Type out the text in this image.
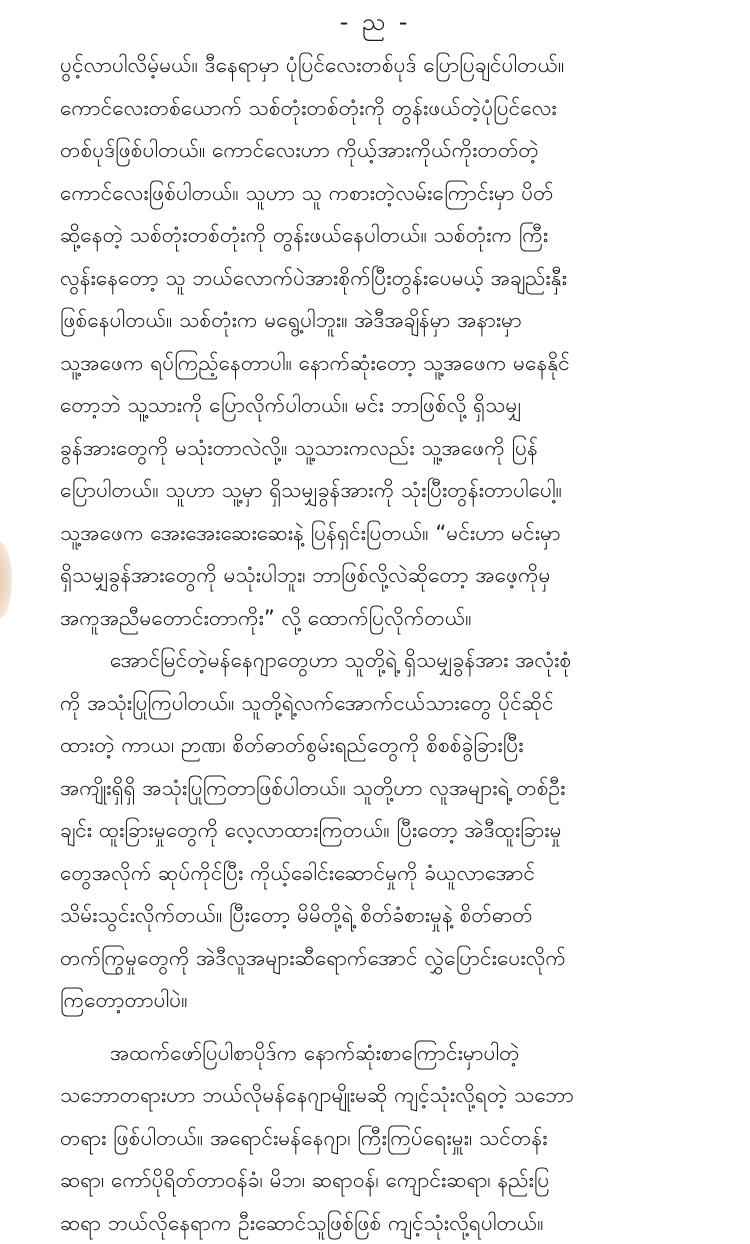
- ည -
ပွင့်လာပါလိမ့်မယ်။ ဒီနေရာမှာ ပုံပြင်လေးတစ်ပုဒ် ပြောပြချင်ပါတယ်။
ကောင်လေးတစ်ယောက် သစ်တုံးတစ်တုံးကို တွန်းဖယ်တဲ့ပုံပြင်လေး
တစ်ပုဒ်ဖြစ်ပါတယ်။ ကောင်လေးဟာ ကိုယ့်အားကိုယ်ကိုးတတ်တဲ့
ကောင်လေးဖြစ်ပါတယ်။ သူဟာ သူ ကစားတဲ့လမ်းကြောင်းမှာ ပိတ်
ဆို့နေတဲ့ သစ်တုံးတစ်တုံးကို တွန်းဖယ်နေပါတယ်။ သစ်တုံးက ကြီး
လွန်းနေတော့ သူ ဘယ်လောက်ပဲအားစိုက်ပြီးတွန်းပေမယ့် အချည်းနှီး
ဖြစ်နေပါတယ်။ သစ်တုံးက မရွေ့ပါဘူး။ အဲဒီအချိန်မှာ အနားမှာ
သူ့အဖေက ရပ်ကြည့်နေတာပါ။ နောက်ဆုံးတော့ သူ့အဖေက မနေနိုင်
တော့ဘဲ သူ့သားကို ပြောလိုက်ပါတယ်။ မင်း ဘာဖြစ်လို့ ရှိသမျှ
ခွန်အားတွေကို မသုံးတာလဲလို့။ သူ့သားကလည်း သူ့အဖေကို ပြန်
ပြောပါတယ်။ သူဟာ သူ့မှာ ရှိသမျှခွန်အားကို သုံးပြီးတွန်းတာပါပေါ့။
သူ့အဖေက အေးအေးဆေးဆေးနဲ့ ပြန်ရှင်းပြတယ်။ “မင်းဟာ မင်းမှာ
ရှိသမျှခွန်အားတွေကို မသုံးပါဘူး၊ ဘာဖြစ်လို့လဲဆိုတော့ အဖေ့ကိုမှ
အကူအညီမတောင်းတာကိုး” လို့ ထောက်ပြလိုက်တယ်။
အောင်မြင်တဲ့မန်နေဂျာတွေဟာ သူတို့ရဲ့ ရှိသမျှခွန်အား အလုံးစုံ
ကို အသုံးပြုကြပါတယ်။ သူတို့ရဲ့လက်အောက်ငယ်သားတွေ ပိုင်ဆိုင်
ထားတဲ့ ကာယ၊ ဉာဏ၊ စိတ်ဓာတ်စွမ်းရည်တွေကို စိစစ်ခွဲခြားပြီး
အကျိုးရှိရှိ အသုံးပြုကြတာဖြစ်ပါတယ်။ သူတို့ဟာ လူအများရဲ့ တစ်ဦး
ချင်း ထူးခြားမှုတွေကို လေ့လာထားကြတယ်။ ပြီးတော့ အဲဒီထူးခြားမှု
တွေအလိုက် ဆုပ်ကိုင်ပြီး ကိုယ့်ခေါင်းဆောင်မှုကို ခံယူလာအောင်
သိမ်းသွင်းလိုက်တယ်။ ပြီးတော့ မိမိတို့ရဲ့ စိတ်ခံစားမှုနဲ့ စိတ်ဓာတ်
တက်ကြွမှုတွေကို အဲဒီလူအများဆီရောက်အောင် လွှဲပြောင်းပေးလိုက်
ကြတော့တာပါပဲ။
အထက်ဖော်ပြပါစာပိုဒ်က နောက်ဆုံးစာကြောင်းမှာပါတဲ့
သဘောတရားဟာ ဘယ်လိုမန်နေဂျာမျိုးမဆို ကျင့်သုံးလို့ရတဲ့ သဘော
တရား ဖြစ်ပါတယ်။ အရောင်းမန်နေဂျာ၊ ကြီးကြပ်ရေးမှူး၊ သင်တန်း
ဆရာ၊ ကော်ပိုရိတ်တာဝန်ခံ၊ မိဘ၊ ဆရာဝန်၊ ကျောင်းဆရာ၊ နည်းပြ
ဆရာ ဘယ်လိုနေရာက ဦးဆောင်သူဖြစ်ဖြစ် ကျင့်သုံးလို့ရပါတယ်။
